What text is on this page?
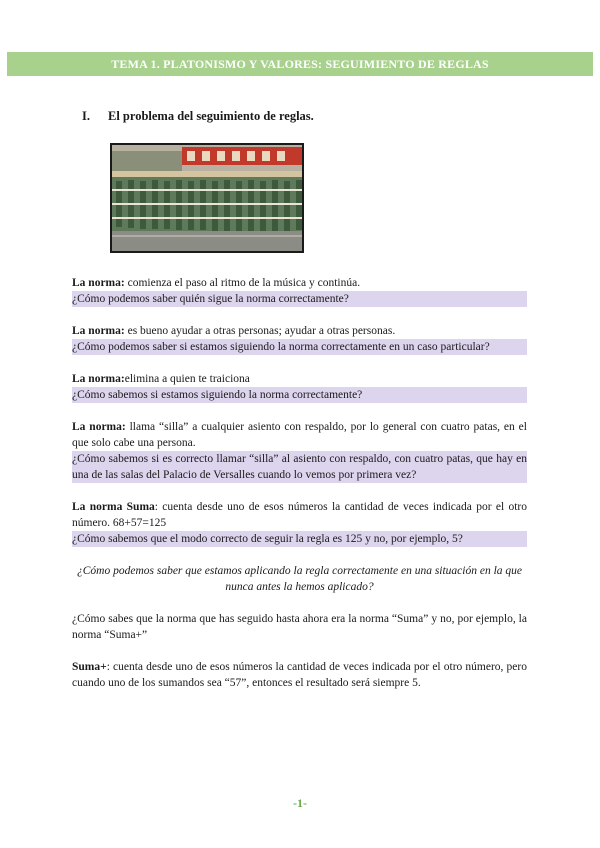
TEMA 1. PLATONISMO Y VALORES: SEGUIMIENTO DE REGLAS
I. El problema del seguimiento de reglas.
La norma: comienza el paso al ritmo de la música y continúa.
¿Cómo podemos saber quién sigue la norma correctamente?
La norma: es bueno ayudar a otras personas; ayudar a otras personas.
¿Cómo podemos saber si estamos siguiendo la norma correctamente en un caso particular?
La norma:elimina a quien te traiciona
¿Cómo sabemos si estamos siguiendo la norma correctamente?
La norma: llama “silla” a cualquier asiento con respaldo, por lo general con cuatro patas, en el que solo cabe una persona.
¿Cómo sabemos si es correcto llamar “silla” al asiento con respaldo, con cuatro patas, que hay en una de las salas del Palacio de Versalles cuando lo vemos por primera vez?
La norma Suma: cuenta desde uno de esos números la cantidad de veces indicada por el otro número. 68+57=125
¿Cómo sabemos que el modo correcto de seguir la regla es 125 y no, por ejemplo, 5?
¿Cómo podemos saber que estamos aplicando la regla correctamente en una situación en la que nunca antes la hemos aplicado?
¿Cómo sabes que la norma que has seguido hasta ahora era la norma “Suma” y no, por ejemplo, la norma “Suma+”
Suma+: cuenta desde uno de esos números la cantidad de veces indicada por el otro número, pero cuando uno de los sumandos sea “57”, entonces el resultado será siempre 5.
-1-
